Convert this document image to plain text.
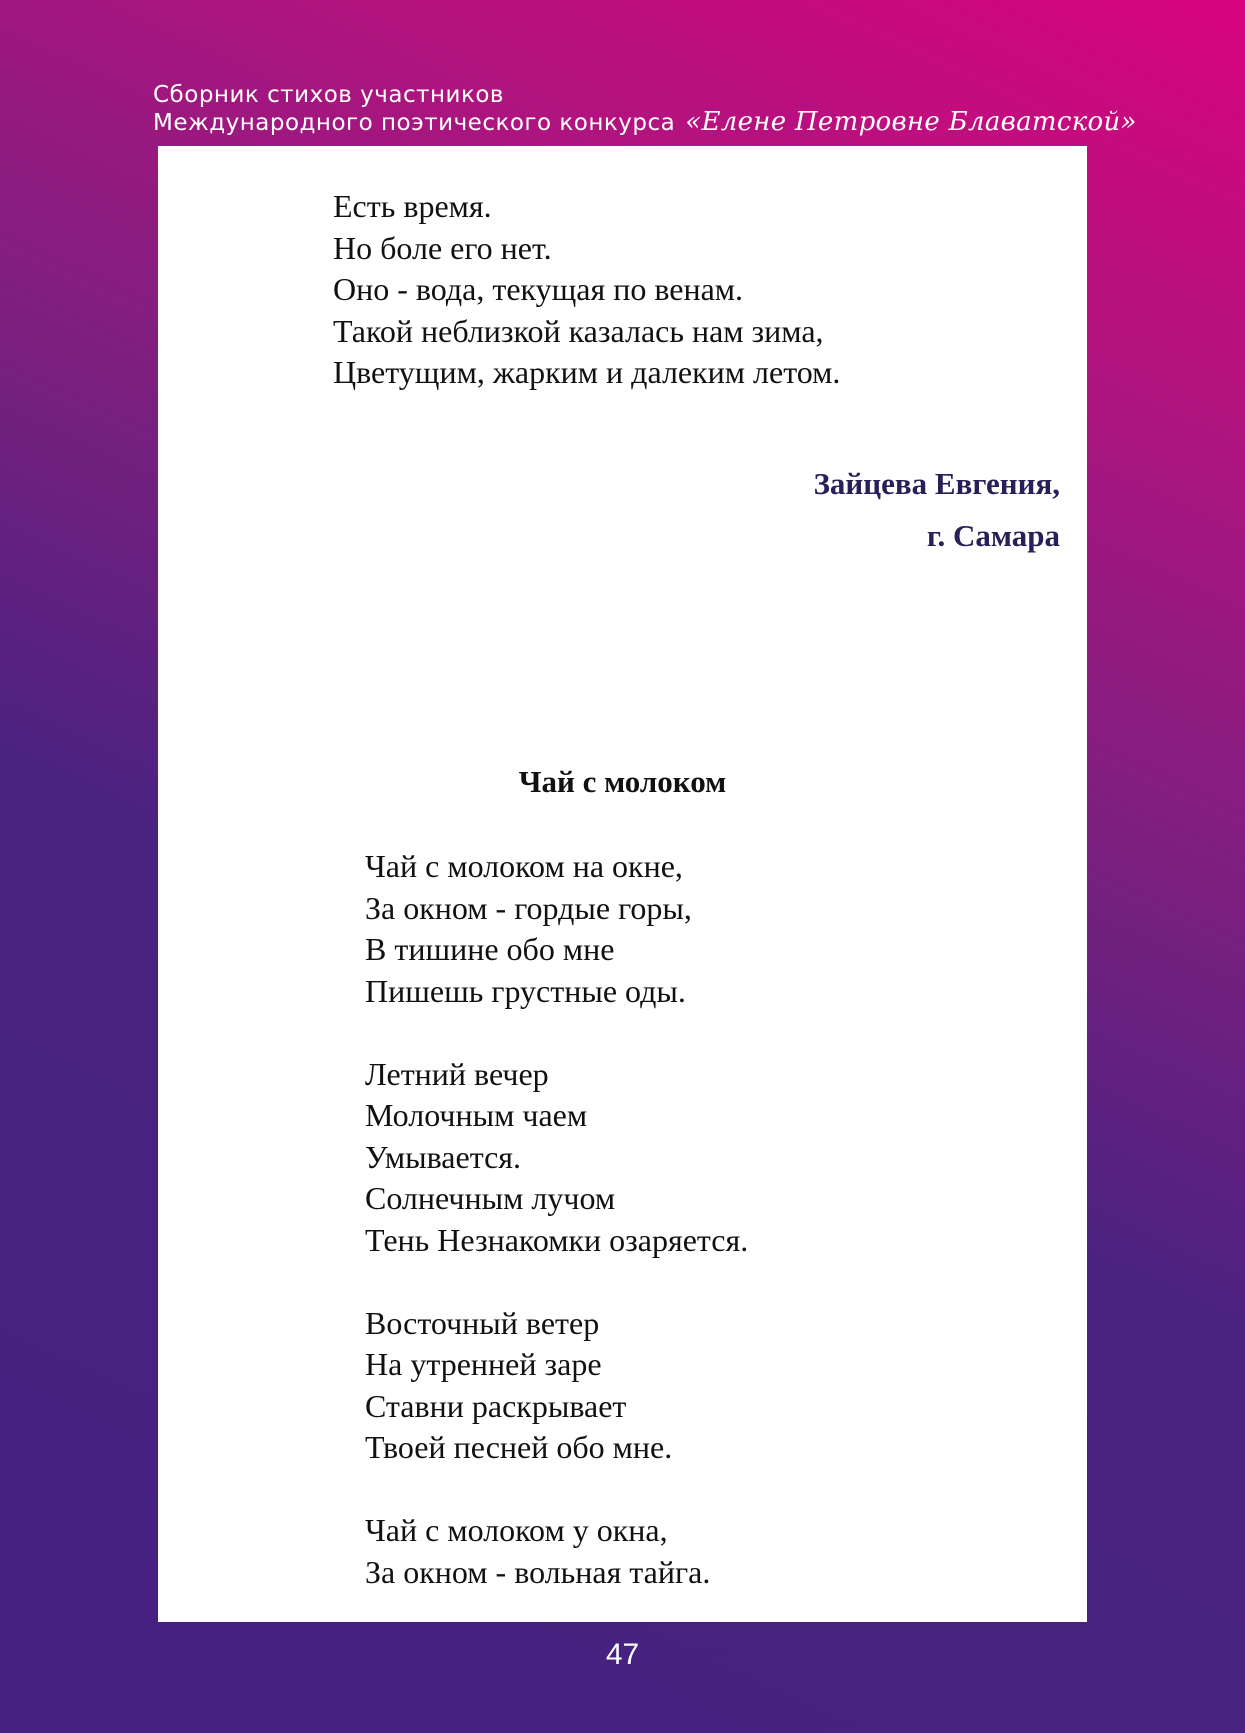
Сборник стихов участников
Международного поэтического конкурса «Елене Петровне Блаватской»
Есть время.
Но боле его нет.
Оно - вода, текущая по венам.
Такой неблизкой казалась нам зима,
Цветущим, жарким и далеким летом.
Зайцева Евгения,
г. Самара
Чай с молоком
Чай с молоком на окне,
За окном - гордые горы,
В тишине обо мне
Пишешь грустные оды.
Летний вечер
Молочным чаем
Умывается.
Солнечным лучом
Тень Незнакомки озаряется.
Восточный ветер
На утренней заре
Ставни раскрывает
Твоей песней обо мне.
Чай с молоком у окна,
За окном - вольная тайга.
47
